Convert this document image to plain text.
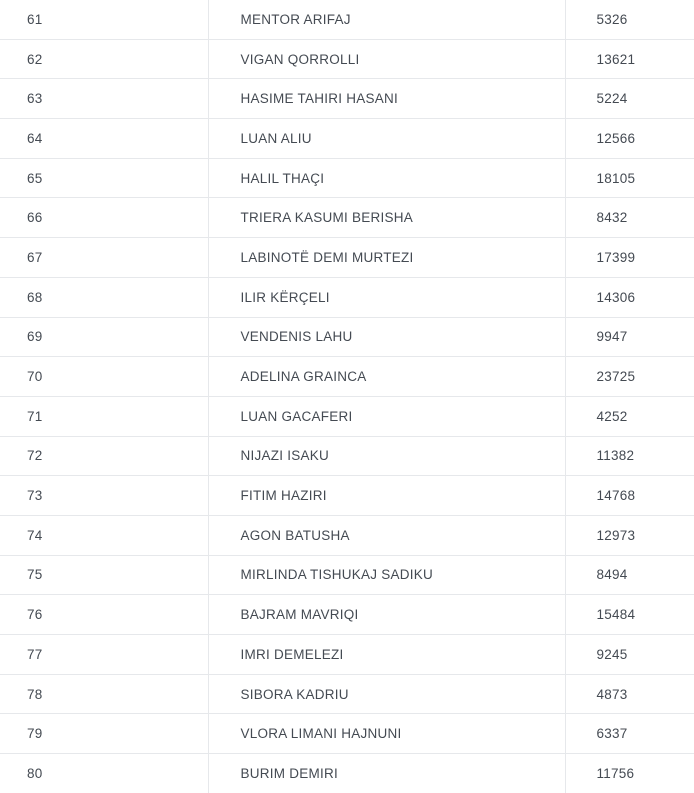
61	MENTOR ARIFAJ	5326
62	VIGAN QORROLLI	13621
63	HASIME TAHIRI HASANI	5224
64	LUAN ALIU	12566
65	HALIL THAÇI	18105
66	TRIERA KASUMI BERISHA	8432
67	LABINOTË DEMI MURTEZI	17399
68	ILIR KËRÇELI	14306
69	VENDENIS LAHU	9947
70	ADELINA GRAINCA	23725
71	LUAN GACAFERI	4252
72	NIJAZI ISAKU	11382
73	FITIM HAZIRI	14768
74	AGON BATUSHA	12973
75	MIRLINDA TISHUKAJ SADIKU	8494
76	BAJRAM MAVRIQI	15484
77	IMRI DEMELEZI	9245
78	SIBORA KADRIU	4873
79	VLORA LIMANI HAJNUNI	6337
80	BURIM DEMIRI	11756
